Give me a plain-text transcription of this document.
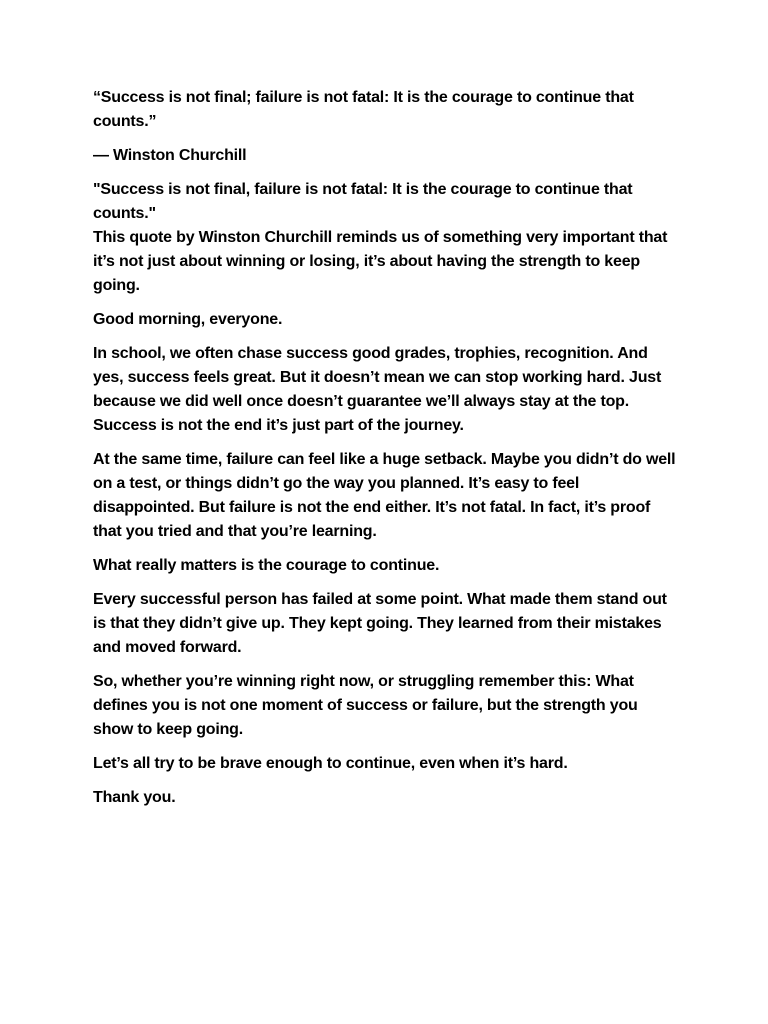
“Success is not final; failure is not fatal: It is the courage to continue that counts.”

— Winston Churchill

"Success is not final, failure is not fatal: It is the courage to continue that counts."
This quote by Winston Churchill reminds us of something very important that it’s not just about winning or losing, it’s about having the strength to keep going.

Good morning, everyone.

In school, we often chase success good grades, trophies, recognition. And yes, success feels great. But it doesn’t mean we can stop working hard. Just because we did well once doesn’t guarantee we’ll always stay at the top. Success is not the end it’s just part of the journey.

At the same time, failure can feel like a huge setback. Maybe you didn’t do well on a test, or things didn’t go the way you planned. It’s easy to feel disappointed. But failure is not the end either. It’s not fatal. In fact, it’s proof that you tried and that you’re learning.

What really matters is the courage to continue.

Every successful person has failed at some point. What made them stand out is that they didn’t give up. They kept going. They learned from their mistakes and moved forward.

So, whether you’re winning right now, or struggling remember this: What defines you is not one moment of success or failure, but the strength you show to keep going.

Let’s all try to be brave enough to continue, even when it’s hard.

Thank you.
